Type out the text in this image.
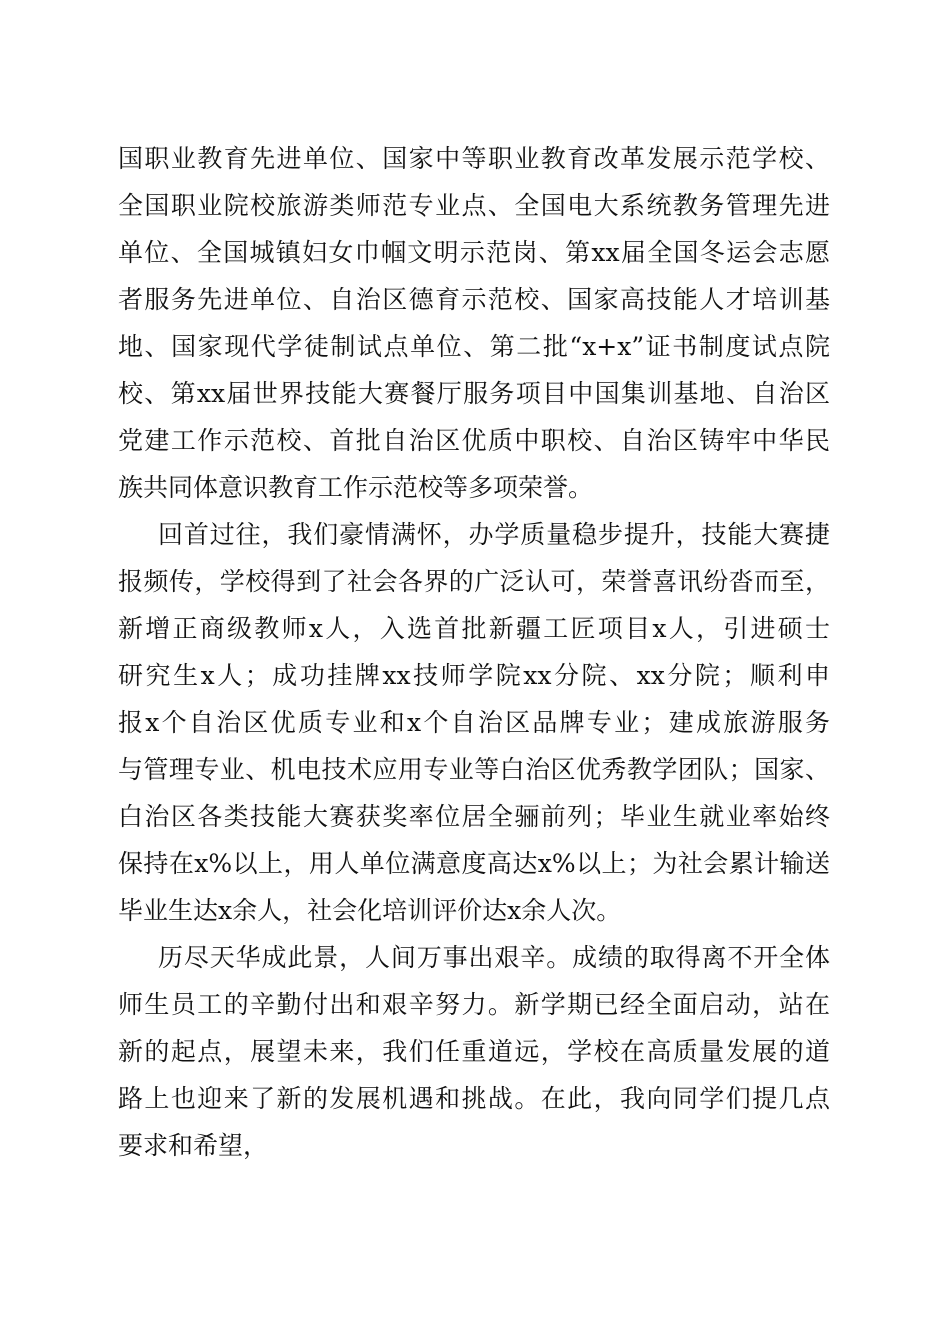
国职业教育先进单位、国家中等职业教育改革发展示范学校、
全国职业院校旅游类师范专业点、全国电大系统教务管理先进
单位、全国城镇妇女巾帼文明示范岗、第xx届全国冬运会志愿
者服务先进单位、自治区德育示范校、国家高技能人才培训基
地、国家现代学徒制试点单位、第二批“x+x”证书制度试点院
校、第xx届世界技能大赛餐厅服务项目中国集训基地、自治区
党建工作示范校、首批自治区优质中职校、自治区铸牢中华民
族共同体意识教育工作示范校等多项荣誉。
回首过往，我们豪情满怀，办学质量稳步提升，技能大赛捷
报频传，学校得到了社会各界的广泛认可，荣誉喜讯纷沓而至，
新增正商级教师x人，入选首批新疆工匠项目x人，引进硕士
研究生x人；成功挂牌xx技师学院xx分院、xx分院；顺利申
报x个自治区优质专业和x个自治区品牌专业；建成旅游服务
与管理专业、机电技术应用专业等白治区优秀教学团队；国家、
白治区各类技能大赛获奖率位居全骊前列；毕业生就业率始终
保持在x%以上，用人单位满意度高达x%以上；为社会累计输送
毕业生达x余人，社会化培训评价达x余人次。
历尽天华成此景，人间万事出艰辛。成绩的取得离不开全体
师生员工的辛勤付出和艰辛努力。新学期已经全面启动，站在
新的起点，展望未来，我们任重道远，学校在高质量发展的道
路上也迎来了新的发展机遇和挑战。在此，我向同学们提几点
要求和希望，
